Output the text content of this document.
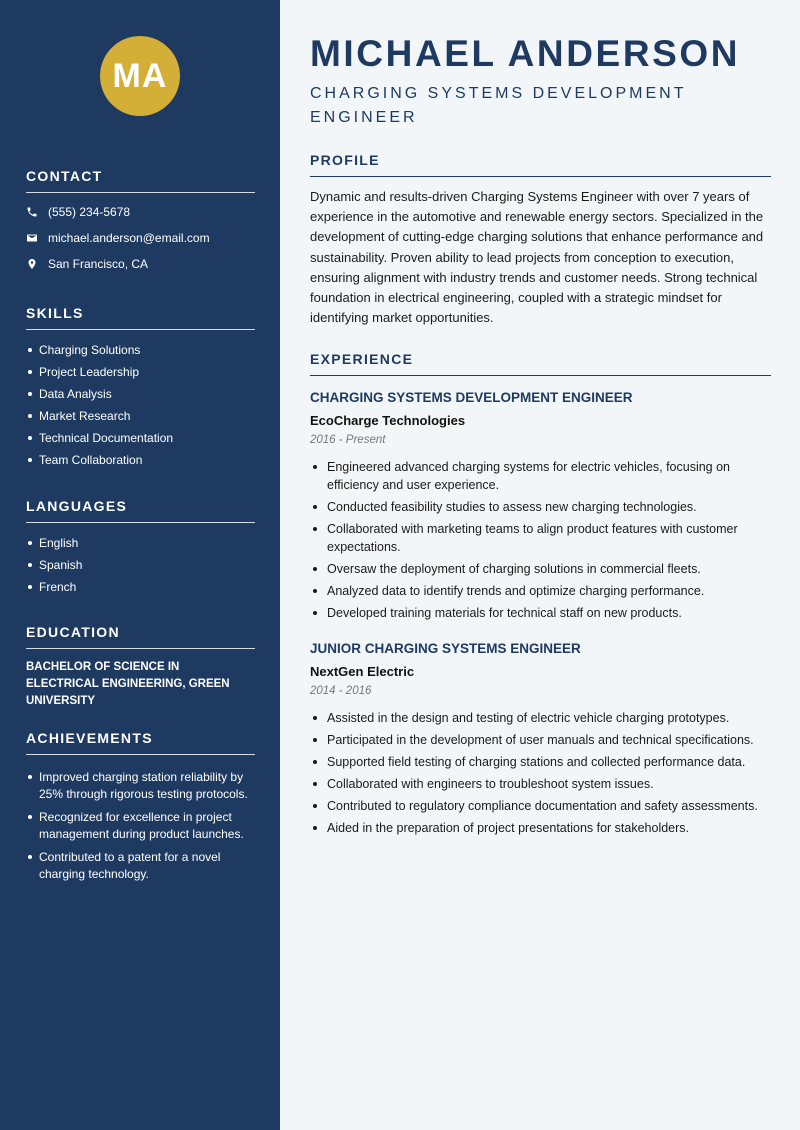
MA
CONTACT
(555) 234-5678
michael.anderson@email.com
San Francisco, CA
SKILLS
Charging Solutions
Project Leadership
Data Analysis
Market Research
Technical Documentation
Team Collaboration
LANGUAGES
English
Spanish
French
EDUCATION
BACHELOR OF SCIENCE IN ELECTRICAL ENGINEERING, GREEN UNIVERSITY
ACHIEVEMENTS
Improved charging station reliability by 25% through rigorous testing protocols.
Recognized for excellence in project management during product launches.
Contributed to a patent for a novel charging technology.
MICHAEL ANDERSON
CHARGING SYSTEMS DEVELOPMENT ENGINEER
PROFILE

Dynamic and results-driven Charging Systems Engineer with over 7 years of experience in the automotive and renewable energy sectors. Specialized in the development of cutting-edge charging solutions that enhance performance and sustainability. Proven ability to lead projects from conception to execution, ensuring alignment with industry trends and customer needs. Strong technical foundation in electrical engineering, coupled with a strategic mindset for identifying market opportunities.

EXPERIENCE
CHARGING SYSTEMS DEVELOPMENT ENGINEER
EcoCharge Technologies
2016 - Present
Engineered advanced charging systems for electric vehicles, focusing on efficiency and user experience.
Conducted feasibility studies to assess new charging technologies.
Collaborated with marketing teams to align product features with customer expectations.
Oversaw the deployment of charging solutions in commercial fleets.
Analyzed data to identify trends and optimize charging performance.
Developed training materials for technical staff on new products.
JUNIOR CHARGING SYSTEMS ENGINEER
NextGen Electric
2014 - 2016
Assisted in the design and testing of electric vehicle charging prototypes.
Participated in the development of user manuals and technical specifications.
Supported field testing of charging stations and collected performance data.
Collaborated with engineers to troubleshoot system issues.
Contributed to regulatory compliance documentation and safety assessments.
Aided in the preparation of project presentations for stakeholders.
